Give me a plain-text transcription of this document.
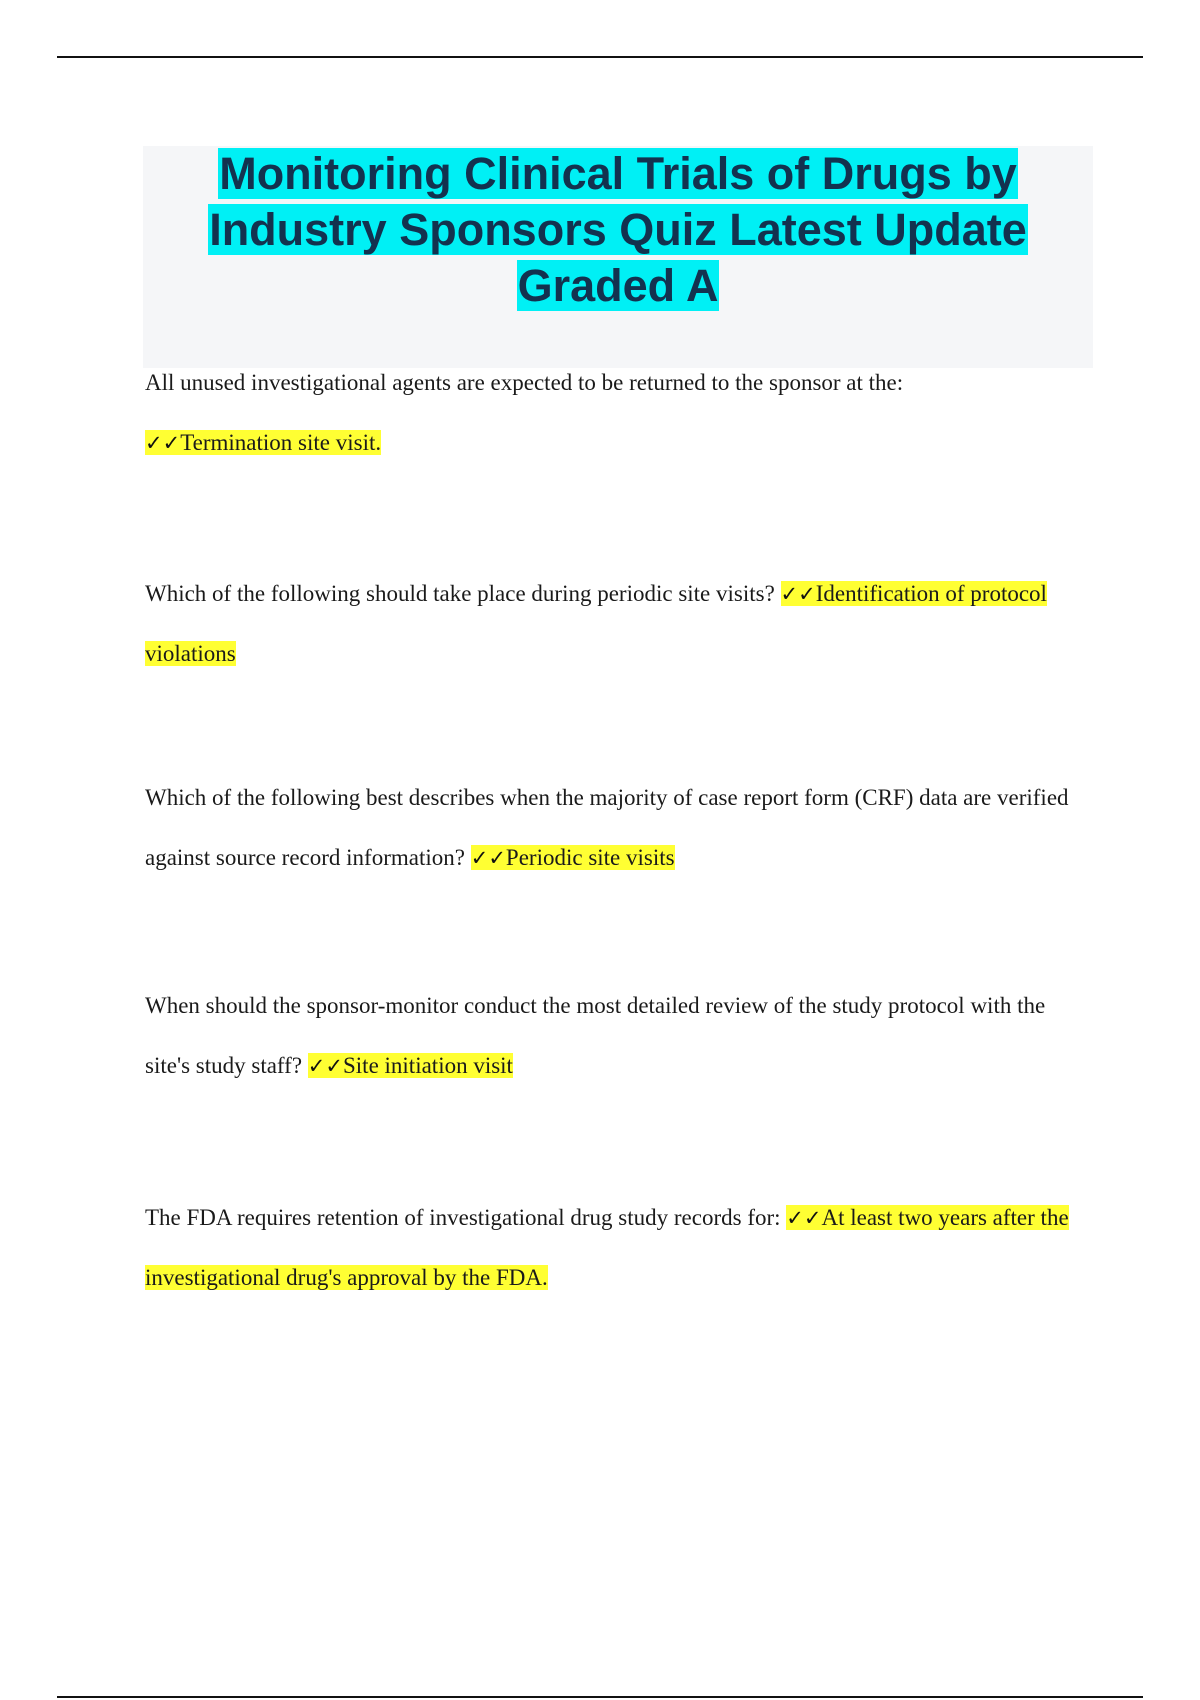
Monitoring Clinical Trials of Drugs by
Industry Sponsors Quiz Latest Update
Graded A

All unused investigational agents are expected to be returned to the sponsor at the:
✓✓Termination site visit.

Which of the following should take place during periodic site visits? ✓✓Identification of protocol violations

Which of the following best describes when the majority of case report form (CRF) data are verified against source record information? ✓✓Periodic site visits

When should the sponsor-monitor conduct the most detailed review of the study protocol with the site's study staff? ✓✓Site initiation visit

The FDA requires retention of investigational drug study records for: ✓✓At least two years after the investigational drug's approval by the FDA.
